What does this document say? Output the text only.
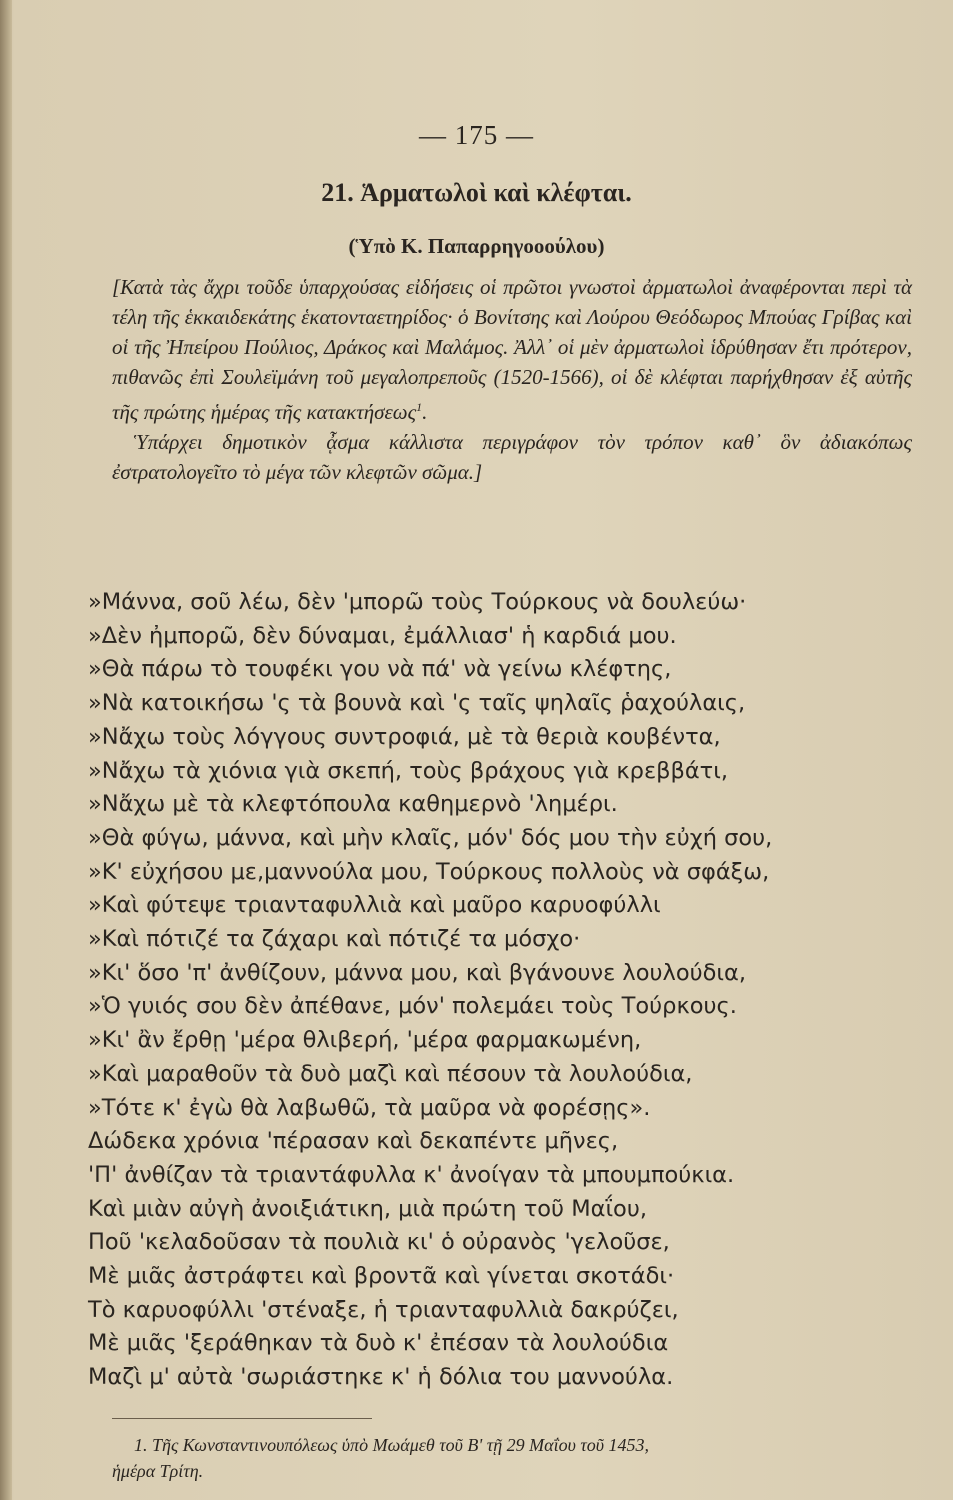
— 175 —
21. Ἁρματωλοὶ καὶ κλέφται.
(Ὑπὸ Κ. Παπαρρηγοοούλου)

[Κατὰ τὰς ἄχρι τοῦδε ὑπαρχούσας εἰδήσεις οἱ πρῶτοι γνωστοὶ ἀρματωλοὶ ἀναφέρονται περὶ τὰ τέλη τῆς ἑκκαιδεκάτης ἑκατονταετηρίδος· ὁ Βονίτσης καὶ Λούρου Θεόδωρος Μπούας Γρίβας καὶ οἱ τῆς Ἠπείρου Πούλιος, Δράκος καὶ Μαλάμος. Ἀλλ᾽ οἱ μὲν ἀρματωλοὶ ἱδρύθησαν ἔτι πρότερον, πιθανῶς ἐπὶ Σουλεϊμάνη τοῦ μεγαλοπρεποῦς (1520-1566), οἱ δὲ κλέφται παρήχθησαν ἐξ αὐτῆς τῆς πρώτης ἡμέρας τῆς κατακτήσεως$^1$.

Ὑπάρχει δημοτικὸν ᾆσμα κάλλιστα περιγράφον τὸν τρόπον καθ᾽ ὃν ἀδιακόπως ἐστρατολογεῖτο τὸ μέγα τῶν κλεφτῶν σῶμα.]

»Μάννα, σοῦ λέω, δὲν 'μπορῶ τοὺς Τούρκους νὰ δουλεύω·
»Δὲν ἠμπορῶ, δὲν δύναμαι, ἐμάλλιασ' ἡ καρδιά μου.
»Θὰ πάρω τὸ τουφέκι γου νὰ πά' νὰ γείνω κλέφτης,
»Νὰ κατοικήσω 'ς τὰ βουνὰ καὶ 'ς ταῖς ψηλαῖς ῥαχούλαις,
»Νἄχω τοὺς λόγγους συντροφιά, μὲ τὰ θεριὰ κουβέντα,
»Νἄχω τὰ χιόνια γιὰ σκεπή, τοὺς βράχους γιὰ κρεββάτι,
»Νἄχω μὲ τὰ κλεφτόπουλα καθημερνὸ 'λημέρι.
»Θὰ φύγω, μάννα, καὶ μὴν κλαῖς, μόν' δός μου τὴν εὐχή σου,
»Κ' εὐχήσου με,μαννούλα μου, Τούρκους πολλοὺς νὰ σφάξω,
»Καὶ φύτεψε τριανταφυλλιὰ καὶ μαῦρο καρυοφύλλι
»Καὶ πότιζέ τα ζάχαρι καὶ πότιζέ τα μόσχο·
»Κι' ὅσο 'π' ἀνθίζουν, μάννα μου, καὶ βγάνουνε λουλούδια,
»Ὁ γυιός σου δὲν ἀπέθανε, μόν' πολεμάει τοὺς Τούρκους.
»Κι' ἂν ἔρθῃ 'μέρα θλιβερή, 'μέρα φαρμακωμένη,
»Καὶ μαραθοῦν τὰ δυὸ μαζὶ καὶ πέσουν τὰ λουλούδια,
»Τότε κ' ἐγὼ θὰ λαβωθῶ, τὰ μαῦρα νὰ φορέσῃς».
Δώδεκα χρόνια 'πέρασαν καὶ δεκαπέντε μῆνες,
'Π' ἀνθίζαν τὰ τριαντάφυλλα κ' ἀνοίγαν τὰ μπουμπούκια.
Καὶ μιὰν αὐγὴ ἀνοιξιάτικη, μιὰ πρώτη τοῦ Μαΐου,
Ποῦ 'κελαδοῦσαν τὰ πουλιὰ κι' ὁ οὐρανὸς 'γελοῦσε,
Μὲ μιᾶς ἀστράφτει καὶ βροντᾶ καὶ γίνεται σκοτάδι·
Τὸ καρυοφύλλι 'στέναξε, ἡ τριανταφυλλιὰ δακρύζει,
Μὲ μιᾶς 'ξεράθηκαν τὰ δυὸ κ' ἐπέσαν τὰ λουλούδια
Μαζὶ μ' αὐτὰ 'σωριάστηκε κ' ἡ δόλια του μαννούλα.
1. Τῆς Κωνσταντινουπόλεως ὑπὸ Μωάμεθ τοῦ Β' τῇ 29 Μαΐου τοῦ 1453,
ἡμέρα Τρίτη.
